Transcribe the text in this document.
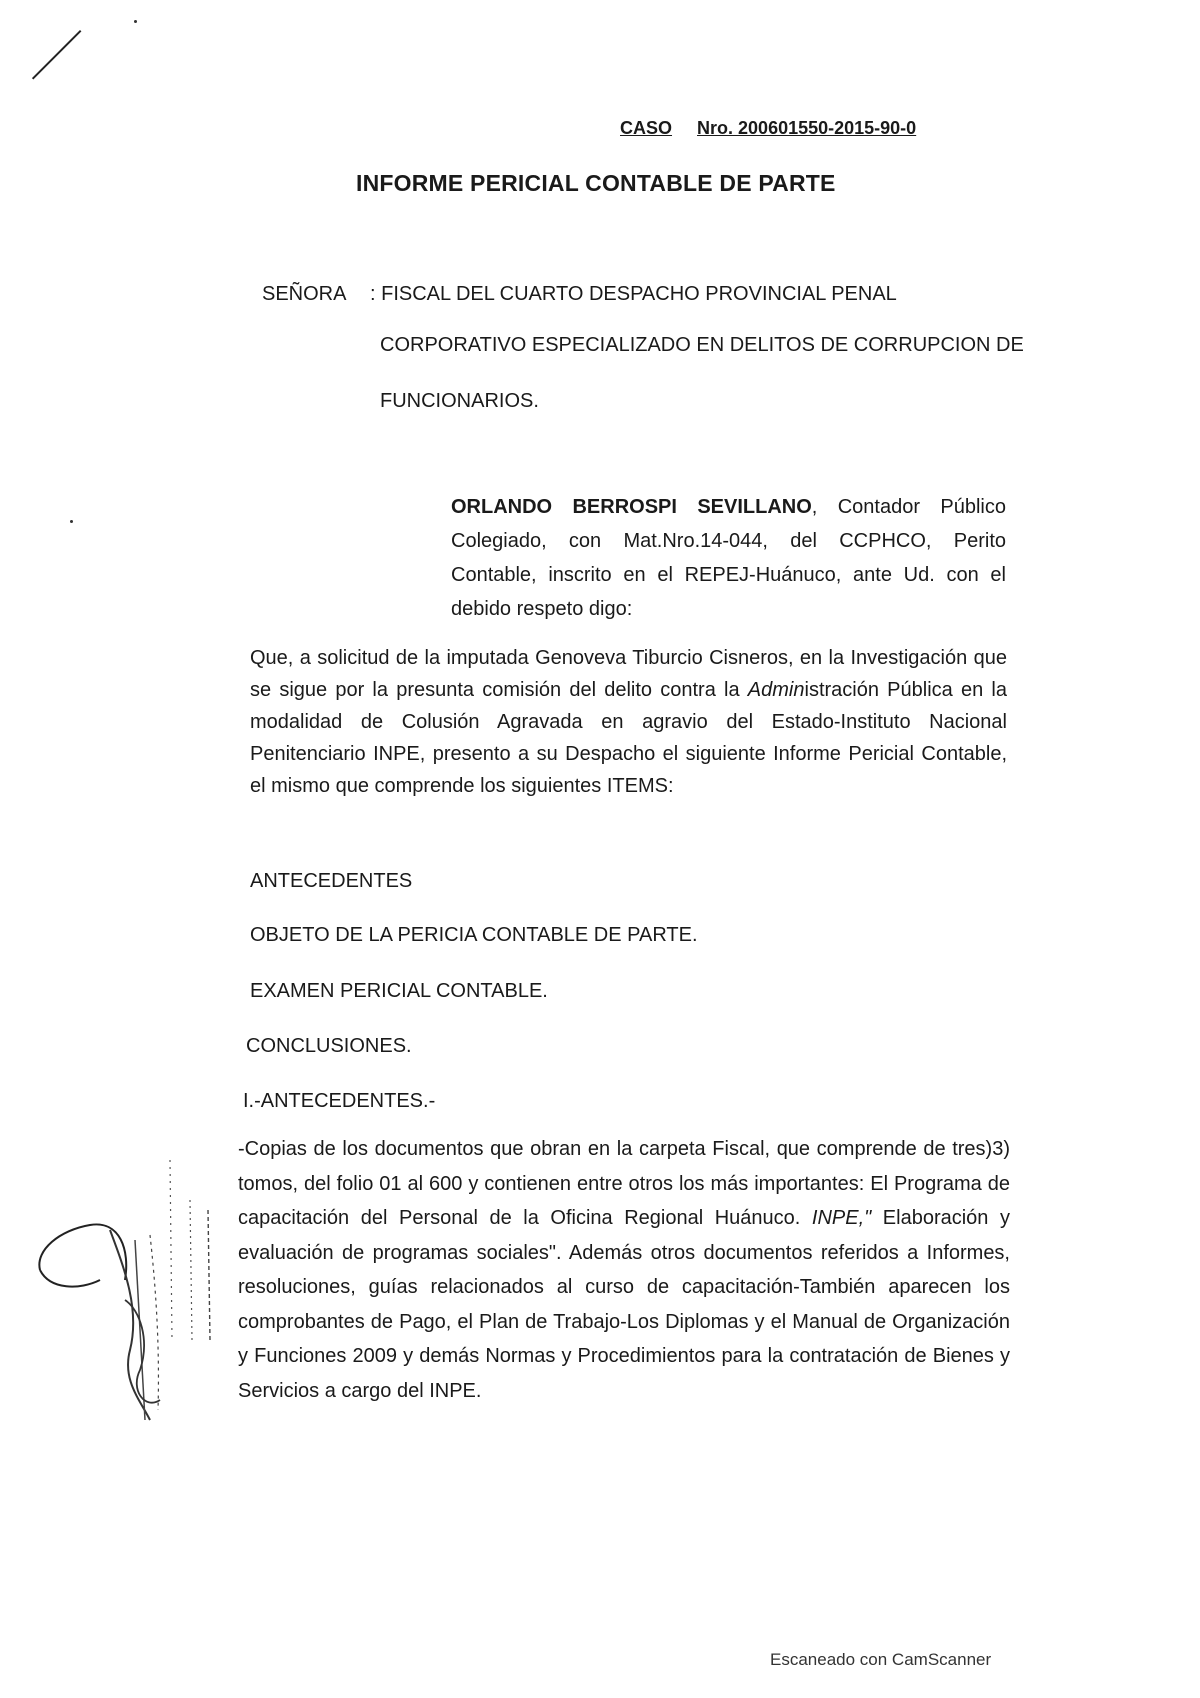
CASO Nro. 200601550-2015-90-0
INFORME PERICIAL CONTABLE DE PARTE
SEÑORA : FISCAL DEL CUARTO DESPACHO PROVINCIAL PENAL
CORPORATIVO ESPECIALIZADO EN DELITOS DE CORRUPCION DE
FUNCIONARIOS.
ORLANDO BERROSPI SEVILLANO, Contador Público
Colegiado, con Mat.Nro.14-044, del CCPHCO, Perito
Contable, inscrito en el REPEJ-Huánuco, ante Ud. con el
debido respeto digo:
Que, a solicitud de la imputada Genoveva Tiburcio Cisneros, en la Investigación que se sigue por la presunta comisión del delito contra la Administración Pública en la modalidad de Colusión Agravada en agravio del Estado-Instituto Nacional Penitenciario INPE, presento a su Despacho el siguiente Informe Pericial Contable, el mismo que comprende los siguientes ITEMS:
ANTECEDENTES
OBJETO DE LA PERICIA CONTABLE DE PARTE.
EXAMEN PERICIAL CONTABLE.
CONCLUSIONES.
I.-ANTECEDENTES.-
-Copias de los documentos que obran en la carpeta Fiscal, que comprende de tres)3) tomos, del folio 01 al 600 y contienen entre otros los más importantes: El Programa de capacitación del Personal de la Oficina Regional Huánuco. INPE," Elaboración y evaluación de programas sociales". Además otros documentos referidos a Informes, resoluciones, guías relacionados al curso de capacitación-También aparecen los comprobantes de Pago, el Plan de Trabajo-Los Diplomas y el Manual de Organización y Funciones 2009 y demás Normas y Procedimientos para la contratación de Bienes y Servicios a cargo del INPE.
Escaneado con CamScanner
